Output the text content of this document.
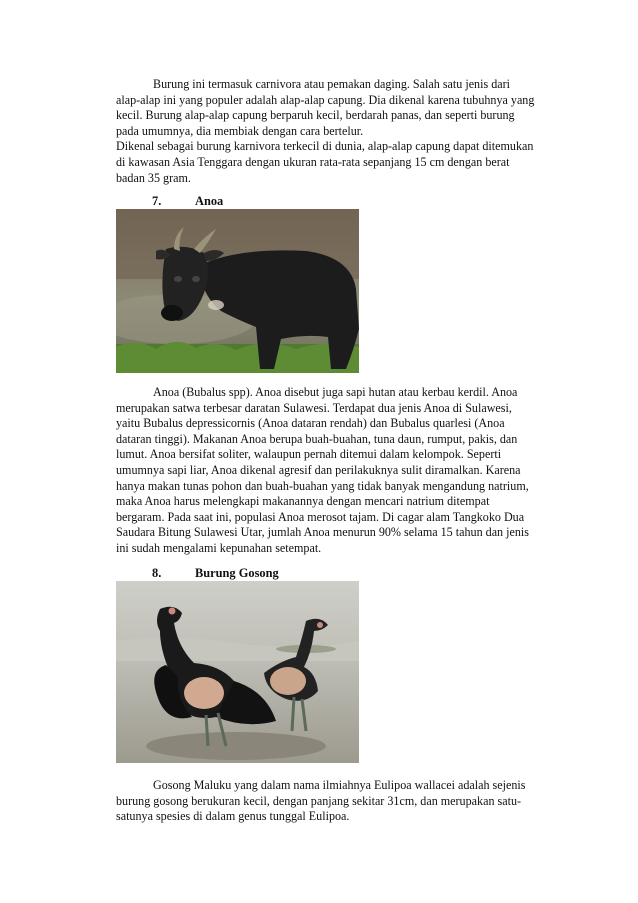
Burung ini termasuk carnivora atau pemakan daging. Salah satu jenis dari
alap-alap ini yang populer adalah alap-alap capung. Dia dikenal karena tubuhnya yang
kecil. Burung alap-alap capung berparuh kecil, berdarah panas, dan seperti burung
pada umumnya, dia membiak dengan cara bertelur.
Dikenal sebagai burung karnivora terkecil di dunia, alap-alap capung dapat ditemukan
di kawasan Asia Tenggara dengan ukuran rata-rata sepanjang 15 cm dengan berat
badan 35 gram.
7.	Anoa
Anoa (Bubalus spp). Anoa disebut juga sapi hutan atau kerbau kerdil. Anoa
merupakan satwa terbesar daratan Sulawesi. Terdapat dua jenis Anoa di Sulawesi,
yaitu Bubalus depressicornis (Anoa dataran rendah) dan Bubalus quarlesi (Anoa
dataran tinggi). Makanan Anoa berupa buah-buahan, tuna daun, rumput, pakis, dan
lumut. Anoa bersifat soliter, walaupun pernah ditemui dalam kelompok. Seperti
umumnya sapi liar, Anoa dikenal agresif dan perilakuknya sulit diramalkan. Karena
hanya makan tunas pohon dan buah-buahan yang tidak banyak mengandung natrium,
maka Anoa harus melengkapi makanannya dengan mencari natrium ditempat
bergaram. Pada saat ini, populasi Anoa merosot tajam. Di cagar alam Tangkoko Dua
Saudara Bitung Sulawesi Utar, jumlah Anoa menurun 90% selama 15 tahun dan jenis
ini sudah mengalami kepunahan setempat.
8.	Burung Gosong
Gosong Maluku yang dalam nama ilmiahnya Eulipoa wallacei adalah sejenis
burung gosong berukuran kecil, dengan panjang sekitar 31cm, dan merupakan satu-
satunya spesies di dalam genus tunggal Eulipoa.
